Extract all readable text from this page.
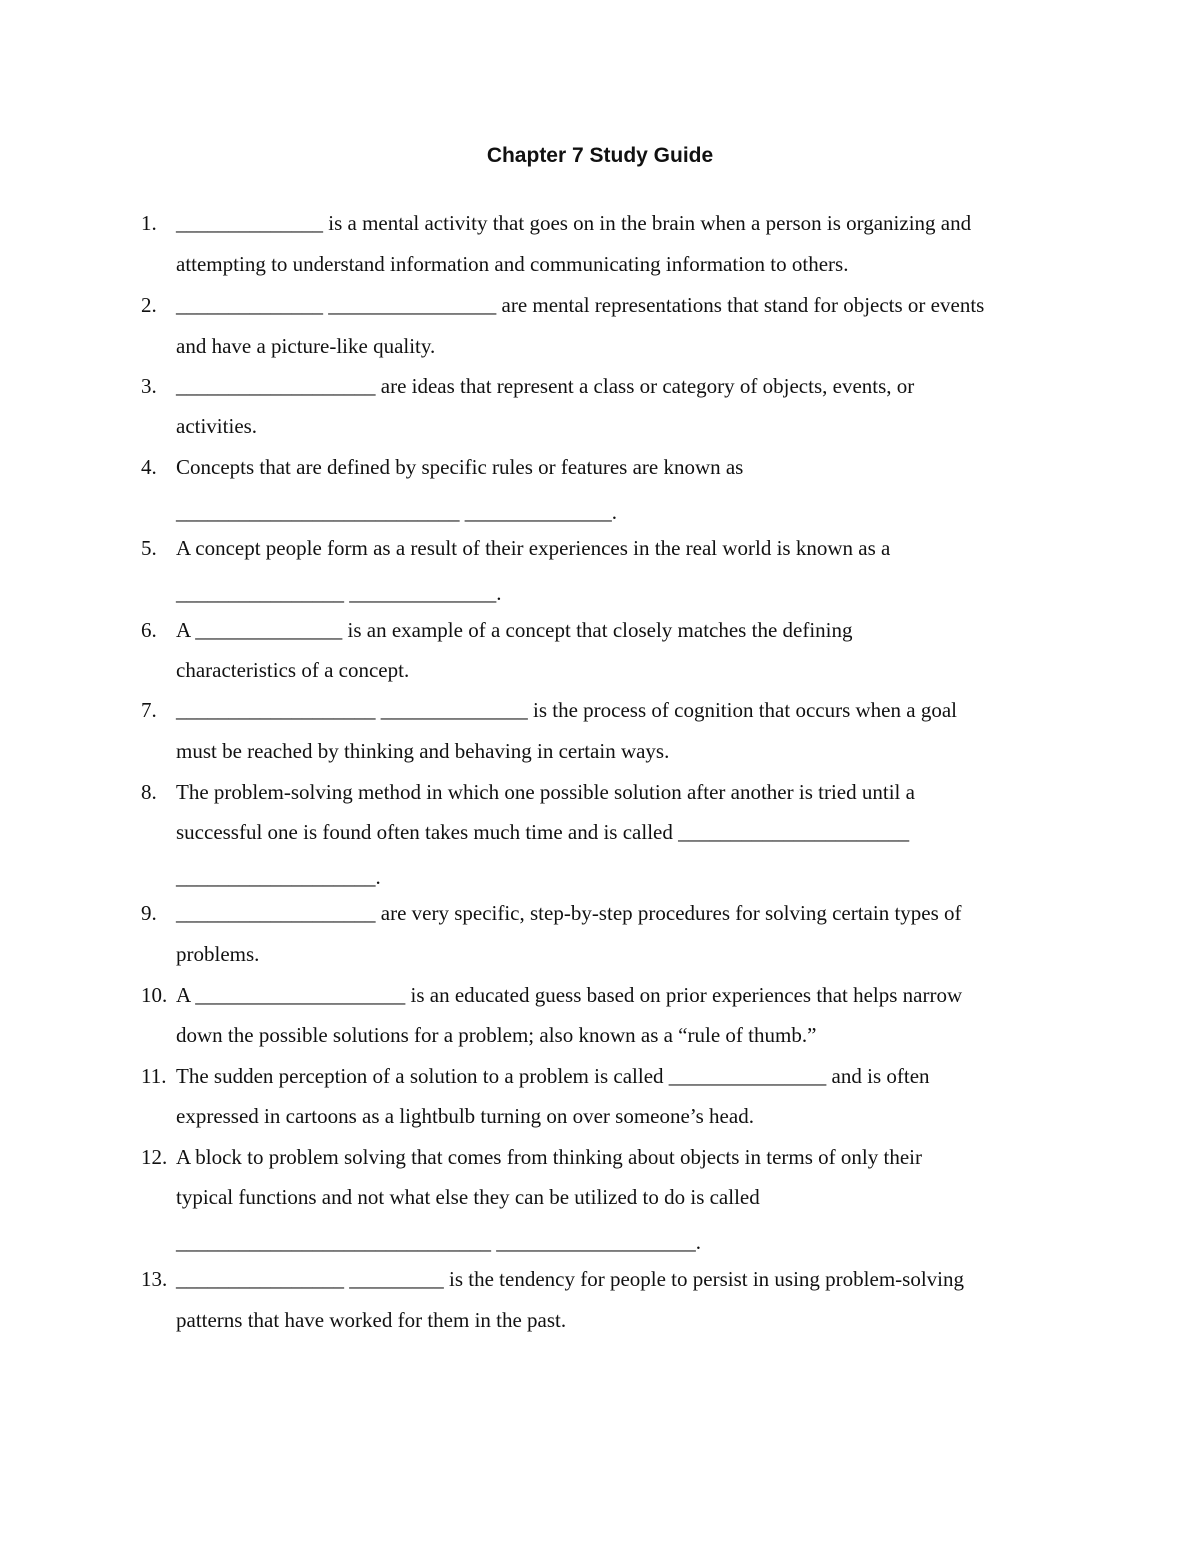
Chapter 7 Study Guide
1. ______________ is a mental activity that goes on in the brain when a person is organizing and
attempting to understand information and communicating information to others.
2. ______________ ________________ are mental representations that stand for objects or events
and have a picture-like quality.
3. ___________________ are ideas that represent a class or category of objects, events, or
activities.
4. Concepts that are defined by specific rules or features are known as
___________________________ ______________.
5. A concept people form as a result of their experiences in the real world is known as a
________________ ______________.
6. A ______________ is an example of a concept that closely matches the defining
characteristics of a concept.
7. ___________________ ______________ is the process of cognition that occurs when a goal
must be reached by thinking and behaving in certain ways.
8. The problem-solving method in which one possible solution after another is tried until a
successful one is found often takes much time and is called ______________________
___________________.
9. ___________________ are very specific, step-by-step procedures for solving certain types of
problems.
10. A ____________________ is an educated guess based on prior experiences that helps narrow
down the possible solutions for a problem; also known as a “rule of thumb.”
11. The sudden perception of a solution to a problem is called _______________ and is often
expressed in cartoons as a lightbulb turning on over someone’s head.
12. A block to problem solving that comes from thinking about objects in terms of only their
typical functions and not what else they can be utilized to do is called
______________________________ ___________________.
13. ________________ _________ is the tendency for people to persist in using problem-solving
patterns that have worked for them in the past.
